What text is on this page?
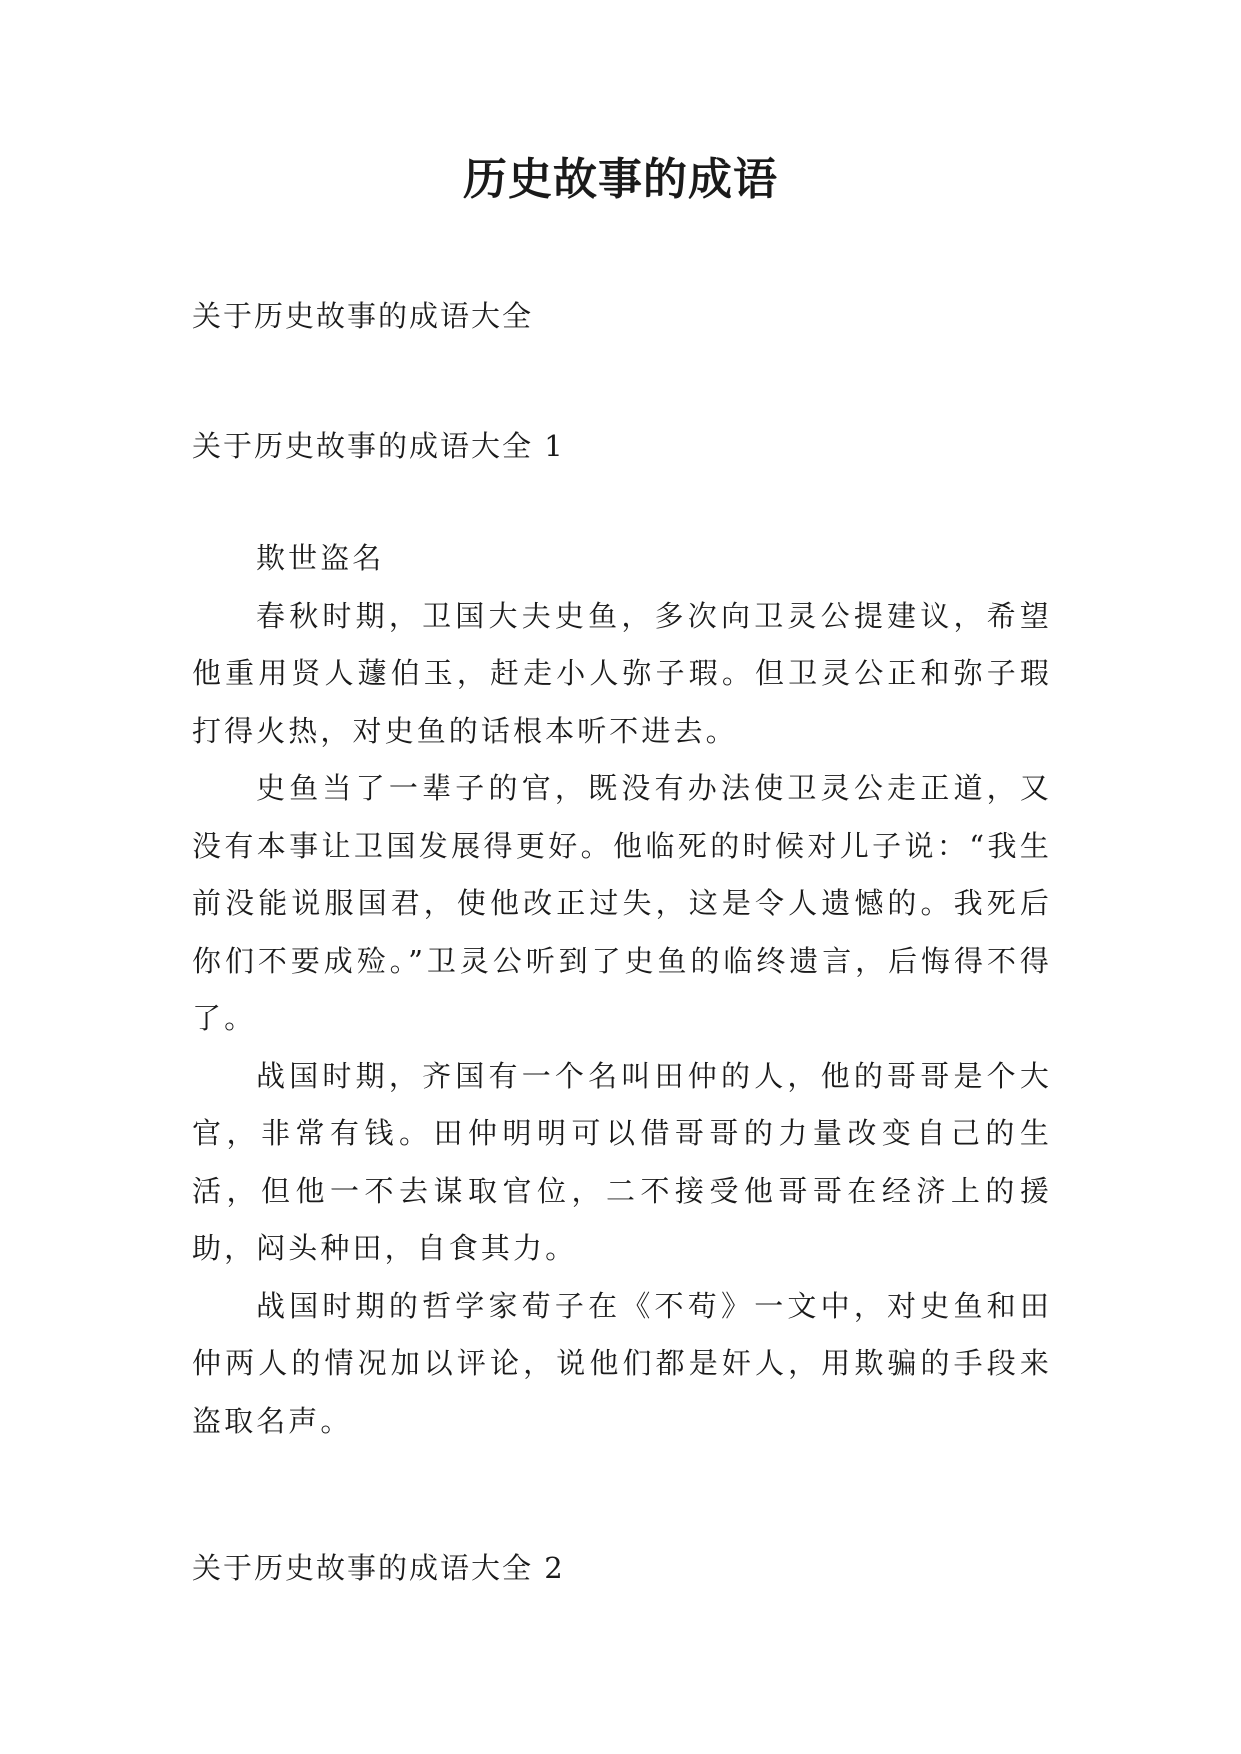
历史故事的成语

关于历史故事的成语大全

关于历史故事的成语大全 1

欺世盗名

春秋时期，卫国大夫史鱼，多次向卫灵公提建议，希望他重用贤人蘧伯玉，赶走小人弥子瑕。但卫灵公正和弥子瑕打得火热，对史鱼的话根本听不进去。

史鱼当了一辈子的官，既没有办法使卫灵公走正道，又没有本事让卫国发展得更好。他临死的时候对儿子说：“我生前没能说服国君，使他改正过失，这是令人遗憾的。我死后你们不要成殓。”卫灵公听到了史鱼的临终遗言，后悔得不得了。

战国时期，齐国有一个名叫田仲的人，他的哥哥是个大官，非常有钱。田仲明明可以借哥哥的力量改变自己的生活，但他一不去谋取官位，二不接受他哥哥在经济上的援助，闷头种田，自食其力。

战国时期的哲学家荀子在《不苟》一文中，对史鱼和田仲两人的情况加以评论，说他们都是奸人，用欺骗的手段来盗取名声。

关于历史故事的成语大全 2
